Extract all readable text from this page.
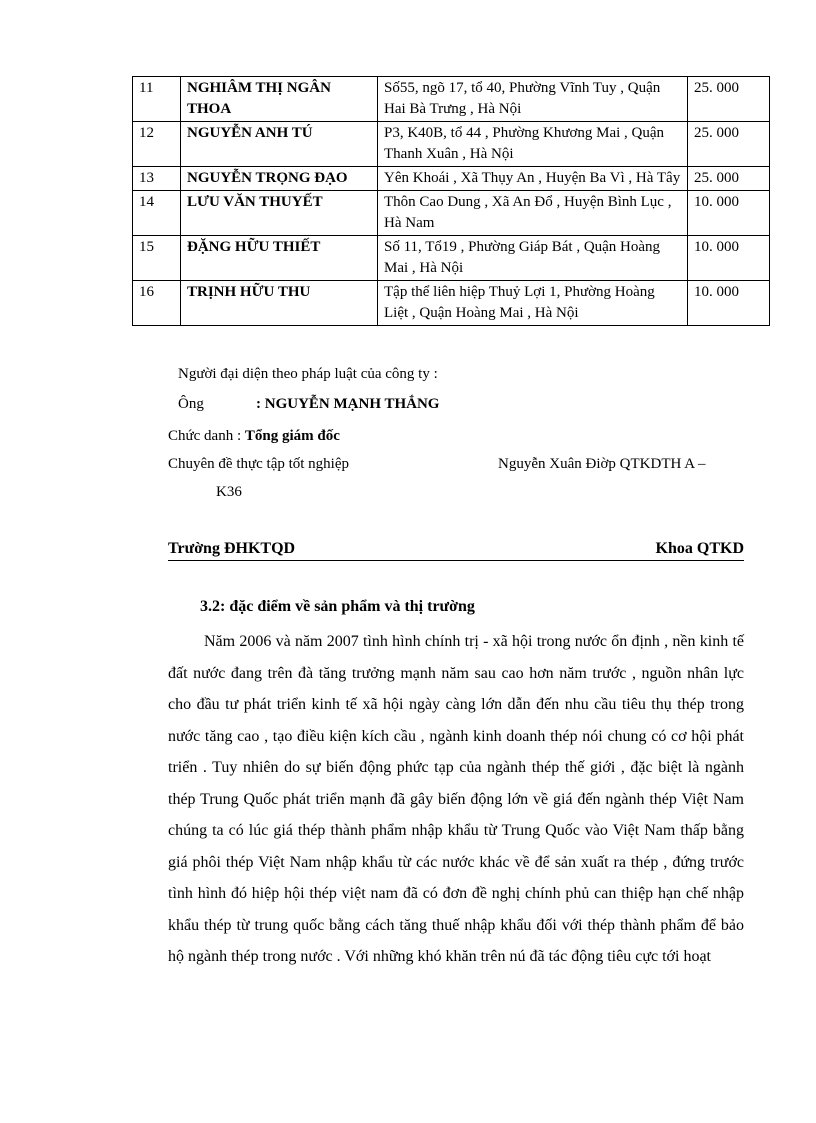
11	NGHIÂM THỊ NGÂN THOA	Số55, ngõ 17, tổ 40, Phường Vĩnh Tuy , Quận Hai Bà Trưng , Hà Nội	25. 000
12	NGUYỄN ANH TÚ	P3, K40B, tổ 44 , Phường Khương Mai , Quận Thanh Xuân , Hà Nội	25. 000
13	NGUYỄN TRỌNG ĐẠO	Yên Khoái , Xã Thụy An , Huyện Ba Vì , Hà Tây	25. 000
14	LƯU VĂN THUYẾT	Thôn Cao Dung , Xã An Đổ , Huyện Bình Lục , Hà Nam	10. 000
15	ĐẶNG HỮU THIẾT	Số 11, Tổ19 , Phường Giáp Bát , Quận Hoàng Mai , Hà Nội	10. 000
16	TRỊNH HỮU THU	Tập thể liên hiệp Thuỷ Lợi 1, Phường Hoàng Liệt , Quận Hoàng Mai , Hà Nội	10. 000
Người đại diện theo pháp luật của công ty :
Ông	: NGUYỄN MẠNH THẮNG
Chức danh : Tổng giám đốc
Chuyên đề thực tập tốt nghiệp	Nguyễn Xuân Điờp QTKDTH A –
K36
Trường ĐHKTQD	Khoa QTKD
3.2: đặc điểm về sản phẩm và thị trường

Năm 2006 và năm 2007 tình hình chính trị - xã hội trong nước ổn định , nền kinh tế đất nước đang trên đà tăng trưởng mạnh năm sau cao hơn năm trước , nguồn nhân lực cho đầu tư phát triển kinh tế xã hội ngày càng lớn dẫn đến nhu cầu tiêu thụ thép trong nước tăng cao , tạo điều kiện kích cầu , ngành kinh doanh thép nói chung có cơ hội phát triển . Tuy nhiên do sự biến động phức tạp của ngành thép thế giới , đặc biệt là ngành thép Trung Quốc phát triển mạnh đã gây biến động lớn về giá đến ngành thép Việt Nam chúng ta có lúc giá thép thành phẩm nhập khẩu từ Trung Quốc vào Việt Nam thấp bằng giá phôi thép Việt Nam nhập khẩu từ các nước khác về để sản xuất ra thép , đứng trước tình hình đó hiệp hội thép việt nam đã có đơn đề nghị chính phủ can thiệp hạn chế nhập khẩu thép từ trung quốc bằng cách tăng thuế nhập khẩu đối với thép thành phẩm để bảo hộ ngành thép trong nước . Với những khó khăn trên nú đã tác động tiêu cực tới hoạt
